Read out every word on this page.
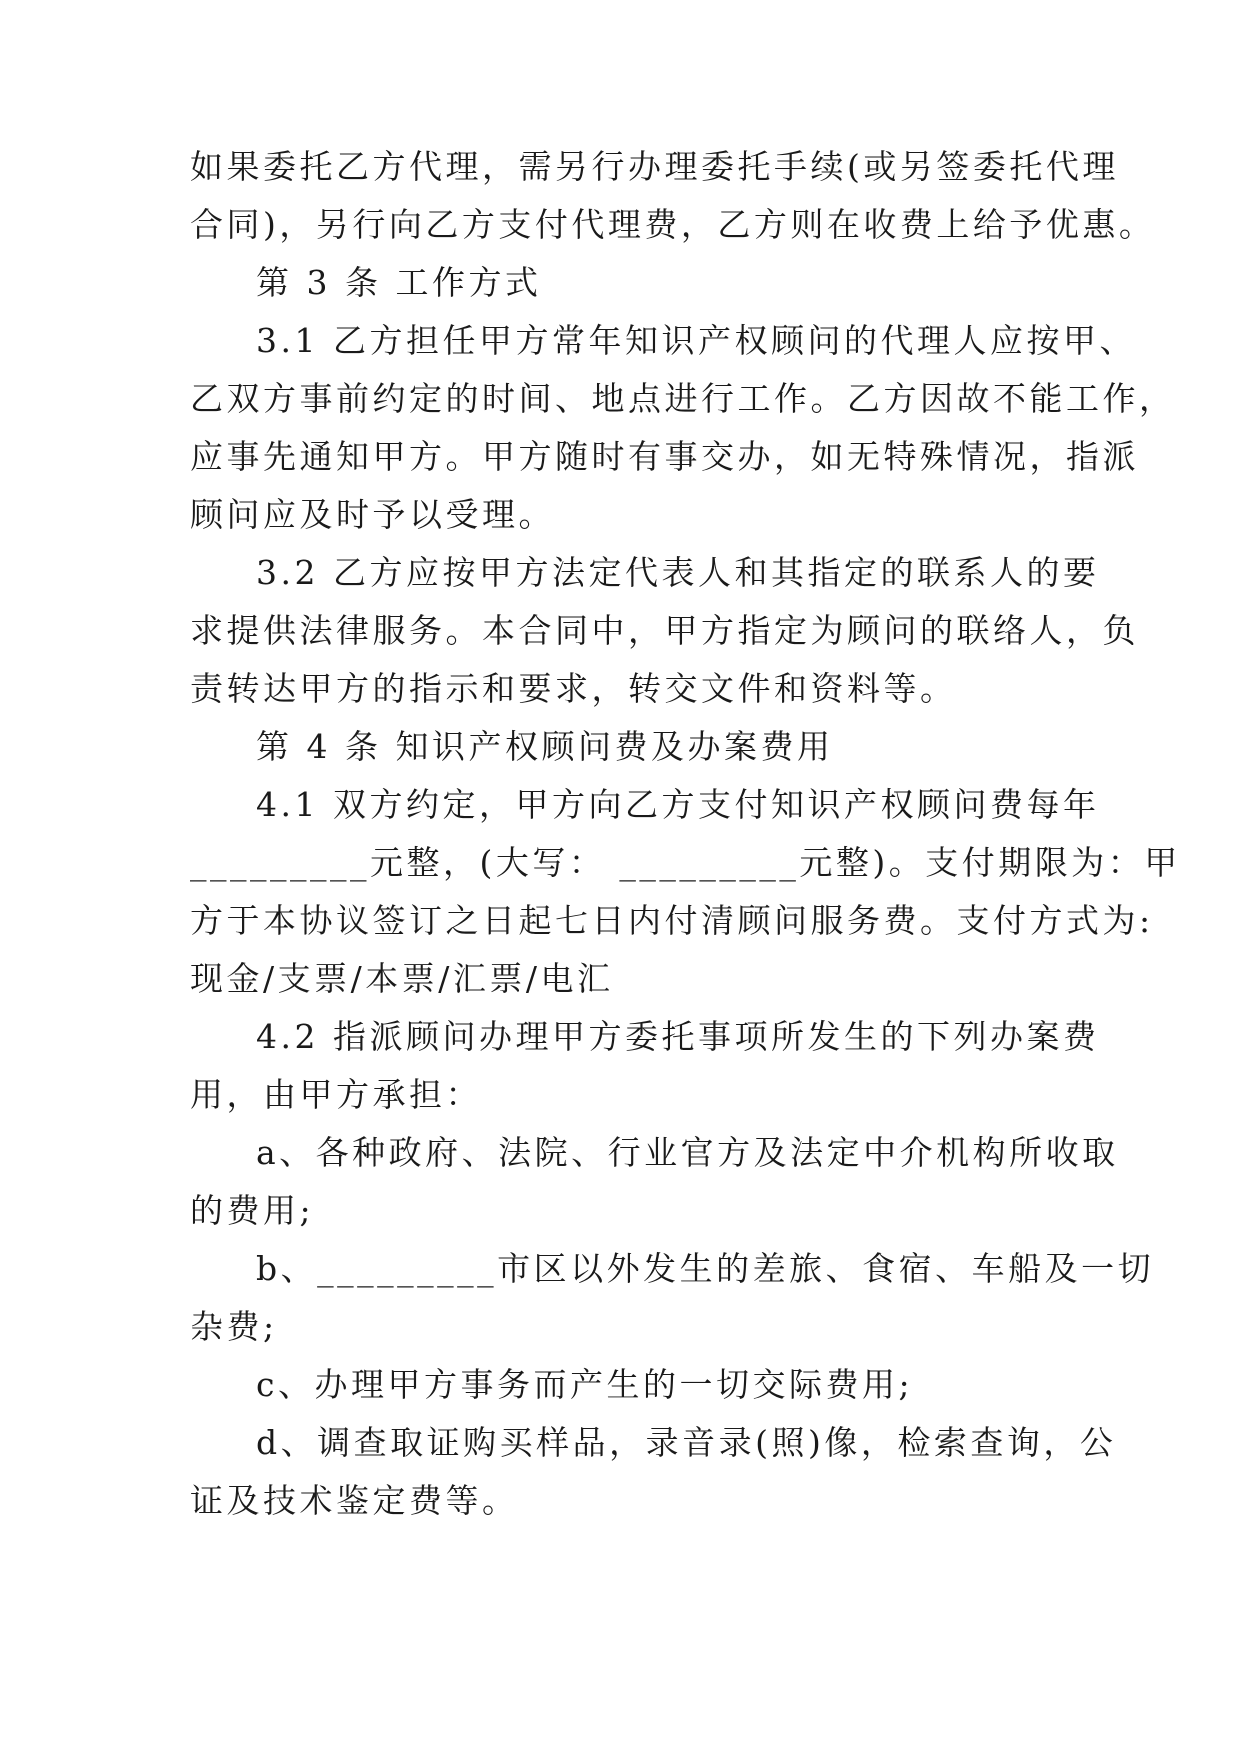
如果委托乙方代理，需另行办理委托手续(或另签委托代理
合同)，另行向乙方支付代理费，乙方则在收费上给予优惠。
第 3 条 工作方式
3.1 乙方担任甲方常年知识产权顾问的代理人应按甲、
乙双方事前约定的时间、地点进行工作。乙方因故不能工作，
应事先通知甲方。甲方随时有事交办，如无特殊情况，指派
顾问应及时予以受理。
3.2 乙方应按甲方法定代表人和其指定的联系人的要
求提供法律服务。本合同中，甲方指定为顾问的联络人，负
责转达甲方的指示和要求，转交文件和资料等。
第 4 条 知识产权顾问费及办案费用
4.1 双方约定，甲方向乙方支付知识产权顾问费每年
_________元整，(大写： _________元整)。支付期限为：甲
方于本协议签订之日起七日内付清顾问服务费。支付方式为:
现金/支票/本票/汇票/电汇
4.2 指派顾问办理甲方委托事项所发生的下列办案费
用，由甲方承担：
a、各种政府、法院、行业官方及法定中介机构所收取
的费用;
b、_________市区以外发生的差旅、食宿、车船及一切
杂费;
c、办理甲方事务而产生的一切交际费用;
d、调查取证购买样品，录音录(照)像，检索查询，公
证及技术鉴定费等。
